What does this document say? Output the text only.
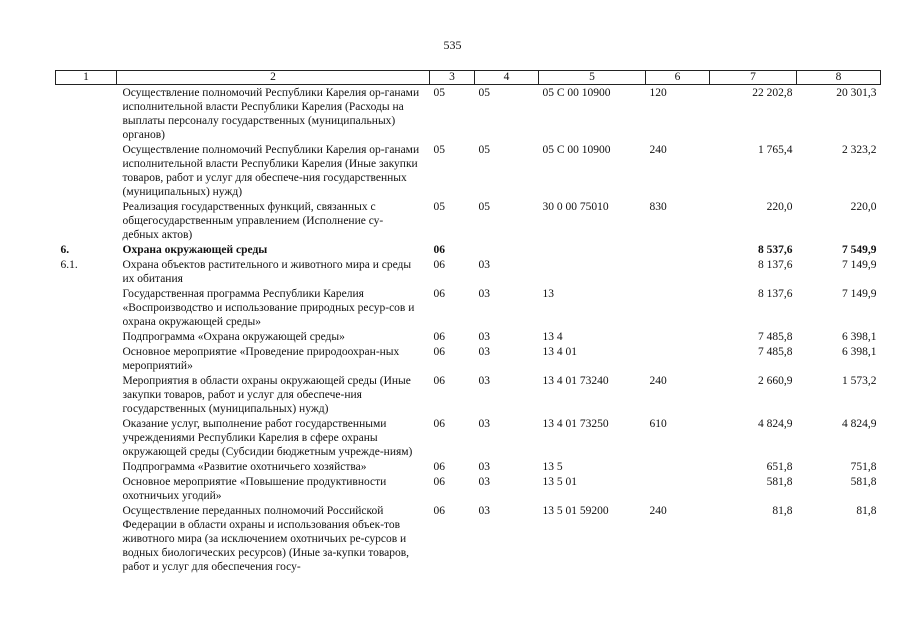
535
1	2	3	4	5	6	7	8
	Осуществление полномочий Республики Карелия ор-ганами исполнительной власти Республики Карелия (Расходы на выплаты персоналу государственных (муниципальных) органов)	05	05	05 С 00 10900	120	22 202,8	20 301,3
	Осуществление полномочий Республики Карелия ор-ганами исполнительной власти Республики Карелия (Иные закупки товаров, работ и услуг для обеспече-ния государственных (муниципальных) нужд)	05	05	05 С 00 10900	240	1 765,4	2 323,2
	Реализация государственных функций, связанных с общегосударственным управлением (Исполнение су-дебных актов)	05	05	30 0 00 75010	830	220,0	220,0
6.	Охрана окружающей среды	06				8 537,6	7 549,9
6.1.	Охрана объектов растительного и животного мира и среды их обитания	06	03			8 137,6	7 149,9
	Государственная программа Республики Карелия «Воспроизводство и использование природных ресур-сов и охрана окружающей среды»	06	03	13		8 137,6	7 149,9
	Подпрограмма «Охрана окружающей среды»	06	03	13 4		7 485,8	6 398,1
	Основное мероприятие «Проведение природоохран-ных мероприятий»	06	03	13 4 01		7 485,8	6 398,1
	Мероприятия в области охраны окружающей среды (Иные закупки товаров, работ и услуг для обеспече-ния государственных (муниципальных) нужд)	06	03	13 4 01 73240	240	2 660,9	1 573,2
	Оказание услуг, выполнение работ государственными учреждениями Республики Карелия в сфере охраны окружающей среды (Субсидии бюджетным учрежде-ниям)	06	03	13 4 01 73250	610	4 824,9	4 824,9
	Подпрограмма «Развитие охотничьего хозяйства»	06	03	13 5		651,8	751,8
	Основное мероприятие «Повышение продуктивности охотничьих угодий»	06	03	13 5 01		581,8	581,8
	Осуществление переданных полномочий Российской Федерации в области охраны и использования объек-тов животного мира (за исключением охотничьих ре-сурсов и водных биологических ресурсов) (Иные за-купки товаров, работ и услуг для обеспечения госу-	06	03	13 5 01 59200	240	81,8	81,8
